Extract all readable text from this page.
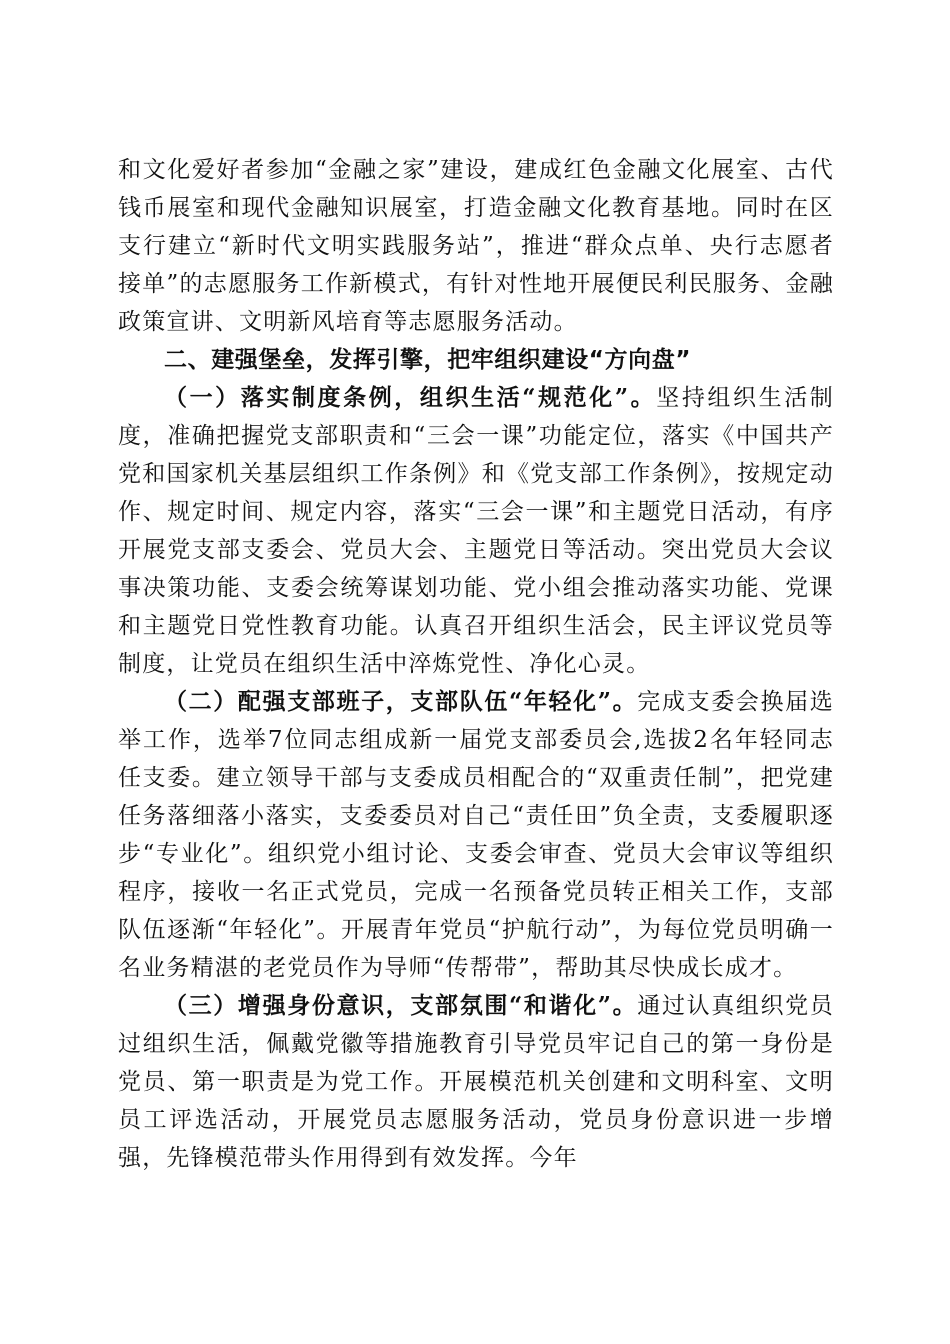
和文化爱好者参加“金融之家”建设，建成红色金融文化展室、古代钱币展室和现代金融知识展室，打造金融文化教育基地。同时在区支行建立“新时代文明实践服务站”，推进“群众点单、央行志愿者接单”的志愿服务工作新模式，有针对性地开展便民利民服务、金融政策宣讲、文明新风培育等志愿服务活动。

二、建强堡垒，发挥引擎，把牢组织建设“方向盘”

（一）落实制度条例，组织生活“规范化”。坚持组织生活制度，准确把握党支部职责和“三会一课”功能定位，落实《中国共产党和国家机关基层组织工作条例》和《党支部工作条例》，按规定动作、规定时间、规定内容，落实“三会一课”和主题党日活动，有序开展党支部支委会、党员大会、主题党日等活动。突出党员大会议事决策功能、支委会统筹谋划功能、党小组会推动落实功能、党课和主题党日党性教育功能。认真召开组织生活会，民主评议党员等制度，让党员在组织生活中淬炼党性、净化心灵。

（二）配强支部班子，支部队伍“年轻化”。完成支委会换届选举工作，选举7位同志组成新一届党支部委员会,选拔2名年轻同志任支委。建立领导干部与支委成员相配合的“双重责任制”，把党建任务落细落小落实，支委委员对自己“责任田”负全责，支委履职逐步“专业化”。组织党小组讨论、支委会审查、党员大会审议等组织程序，接收一名正式党员，完成一名预备党员转正相关工作，支部队伍逐渐“年轻化”。开展青年党员“护航行动”，为每位党员明确一名业务精湛的老党员作为导师“传帮带”，帮助其尽快成长成才。

（三）增强身份意识，支部氛围“和谐化”。通过认真组织党员过组织生活，佩戴党徽等措施教育引导党员牢记自己的第一身份是党员、第一职责是为党工作。开展模范机关创建和文明科室、文明员工评选活动，开展党员志愿服务活动，党员身份意识进一步增强，先锋模范带头作用得到有效发挥。今年
